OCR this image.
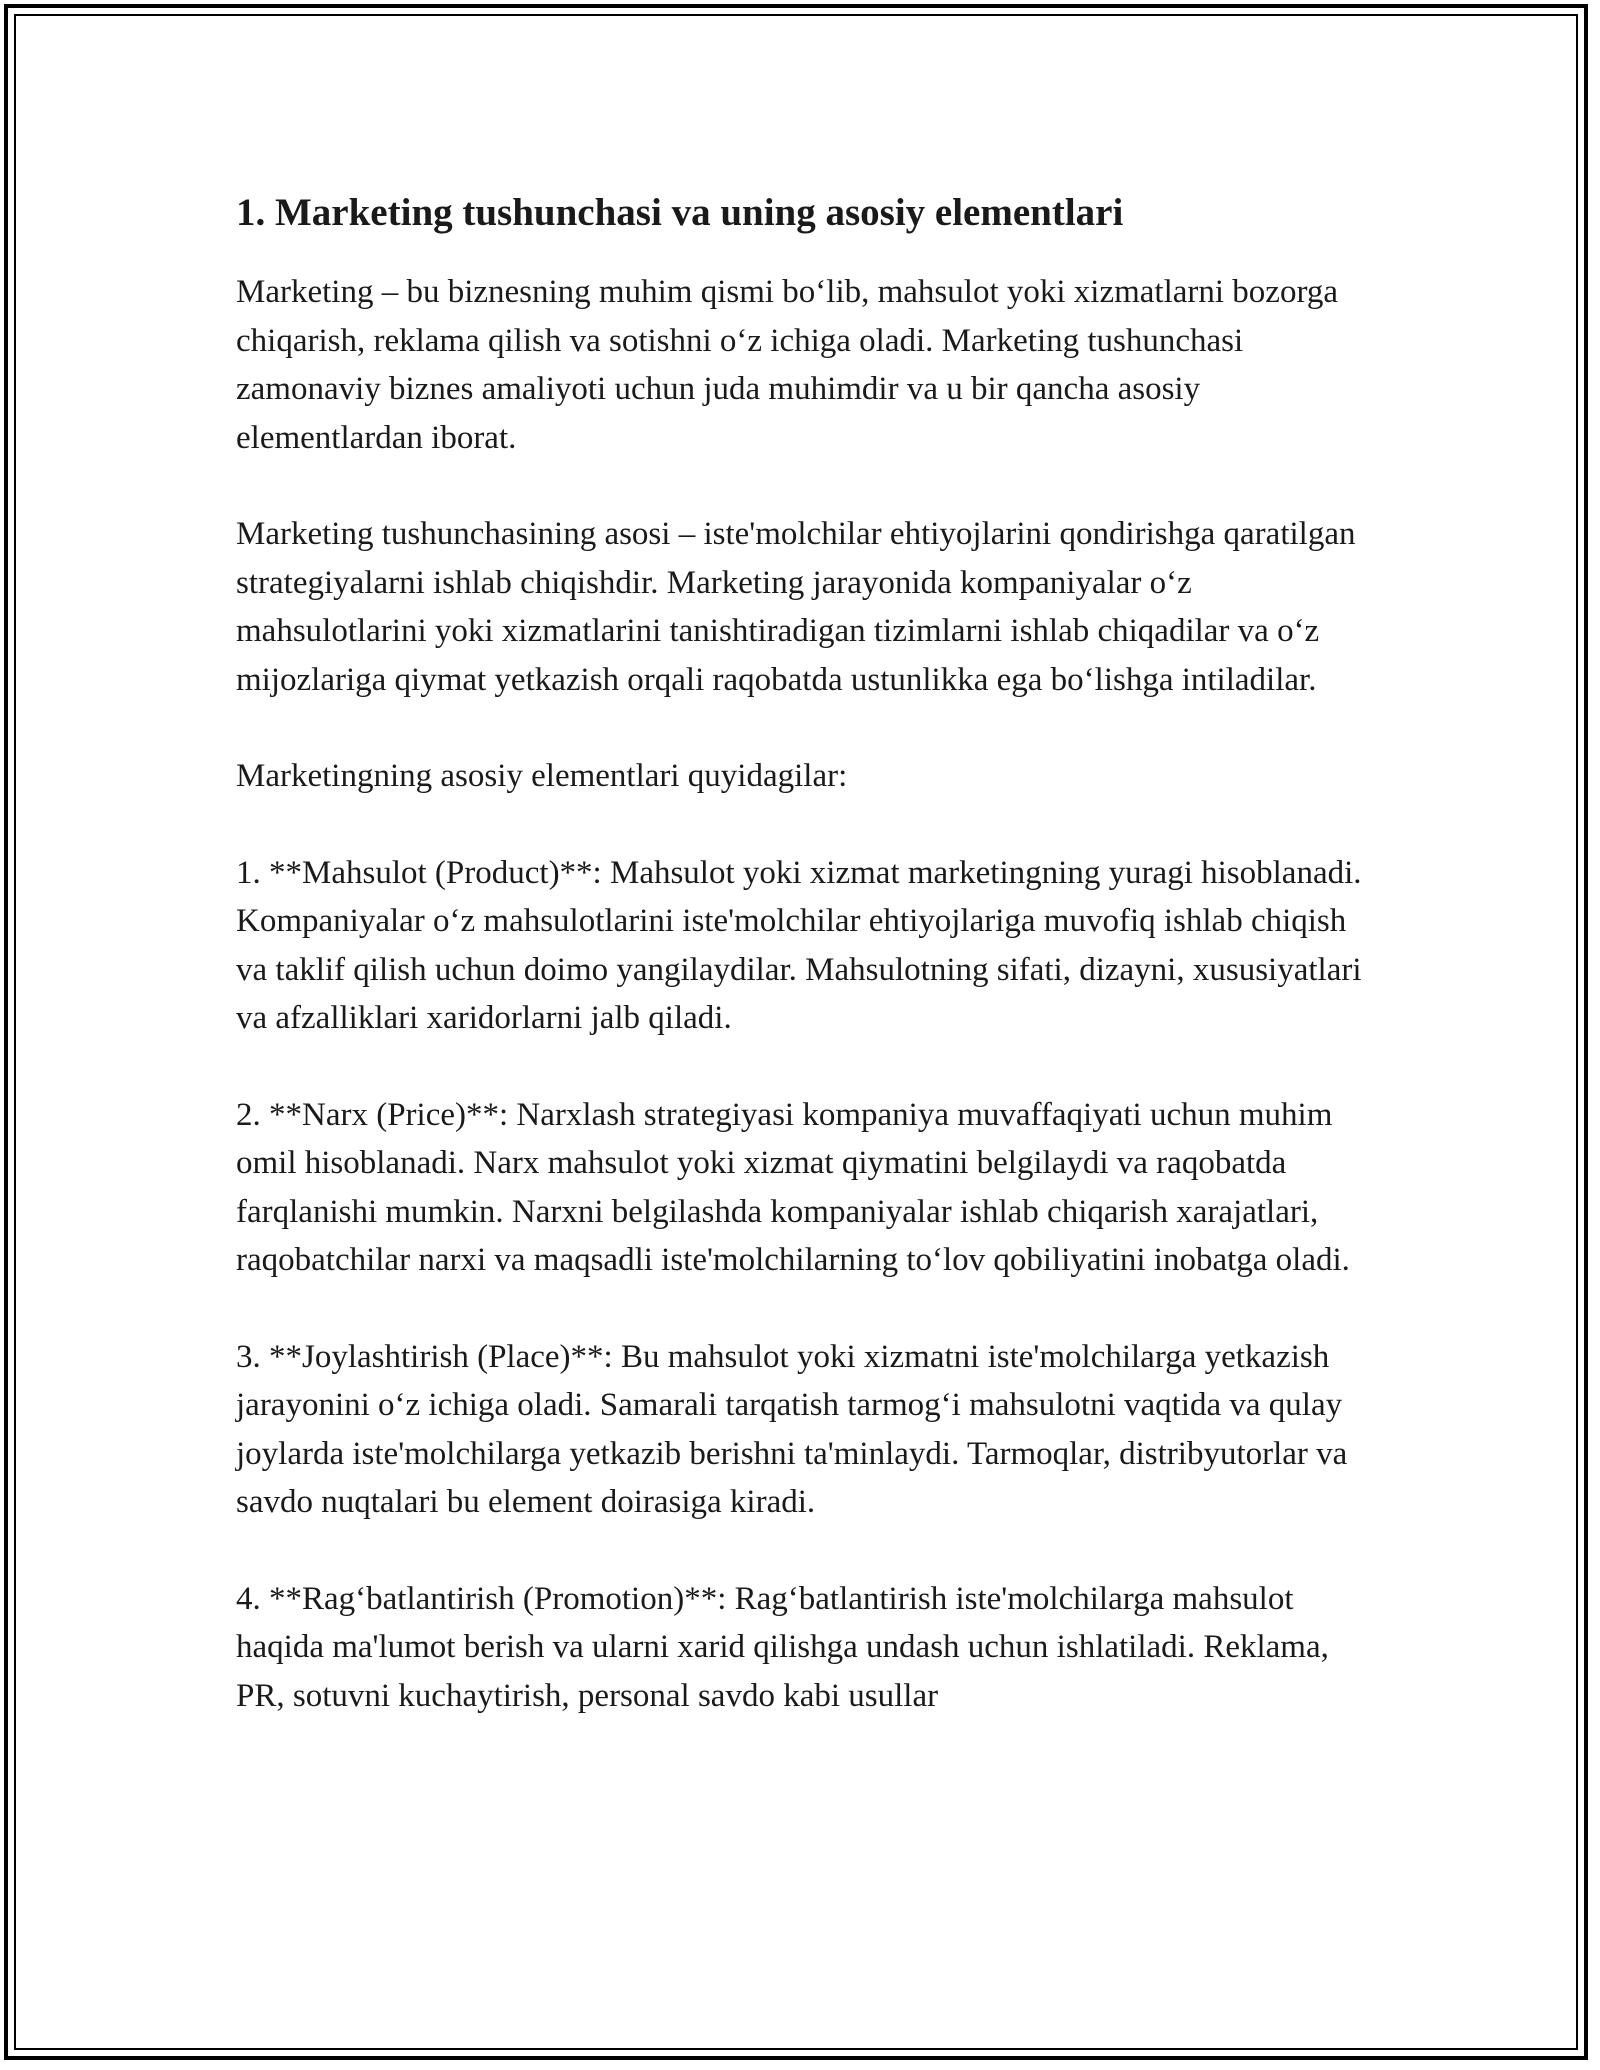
1. Marketing tushunchasi va uning asosiy elementlari

Marketing – bu biznesning muhim qismi bo‘lib, mahsulot yoki xizmatlarni bozorga chiqarish, reklama qilish va sotishni o‘z ichiga oladi. Marketing tushunchasi zamonaviy biznes amaliyoti uchun juda muhimdir va u bir qancha asosiy elementlardan iborat.

Marketing tushunchasining asosi – iste'molchilar ehtiyojlarini qondirishga qaratilgan strategiyalarni ishlab chiqishdir. Marketing jarayonida kompaniyalar o‘z mahsulotlarini yoki xizmatlarini tanishtiradigan tizimlarni ishlab chiqadilar va o‘z mijozlariga qiymat yetkazish orqali raqobatda ustunlikka ega bo‘lishga intiladilar.

Marketingning asosiy elementlari quyidagilar:

1. **Mahsulot (Product)**: Mahsulot yoki xizmat marketingning yuragi hisoblanadi. Kompaniyalar o‘z mahsulotlarini iste'molchilar ehtiyojlariga muvofiq ishlab chiqish va taklif qilish uchun doimo yangilaydilar. Mahsulotning sifati, dizayni, xususiyatlari va afzalliklari xaridorlarni jalb qiladi.

2. **Narx (Price)**: Narxlash strategiyasi kompaniya muvaffaqiyati uchun muhim omil hisoblanadi. Narx mahsulot yoki xizmat qiymatini belgilaydi va raqobatda farqlanishi mumkin. Narxni belgilashda kompaniyalar ishlab chiqarish xarajatlari, raqobatchilar narxi va maqsadli iste'molchilarning to‘lov qobiliyatini inobatga oladi.

3. **Joylashtirish (Place)**: Bu mahsulot yoki xizmatni iste'molchilarga yetkazish jarayonini o‘z ichiga oladi. Samarali tarqatish tarmog‘i mahsulotni vaqtida va qulay joylarda iste'molchilarga yetkazib berishni ta'minlaydi. Tarmoqlar, distribyutorlar va savdo nuqtalari bu element doirasiga kiradi.

4. **Rag‘batlantirish (Promotion)**: Rag‘batlantirish iste'molchilarga mahsulot haqida ma'lumot berish va ularni xarid qilishga undash uchun ishlatiladi. Reklama, PR, sotuvni kuchaytirish, personal savdo kabi usullar
